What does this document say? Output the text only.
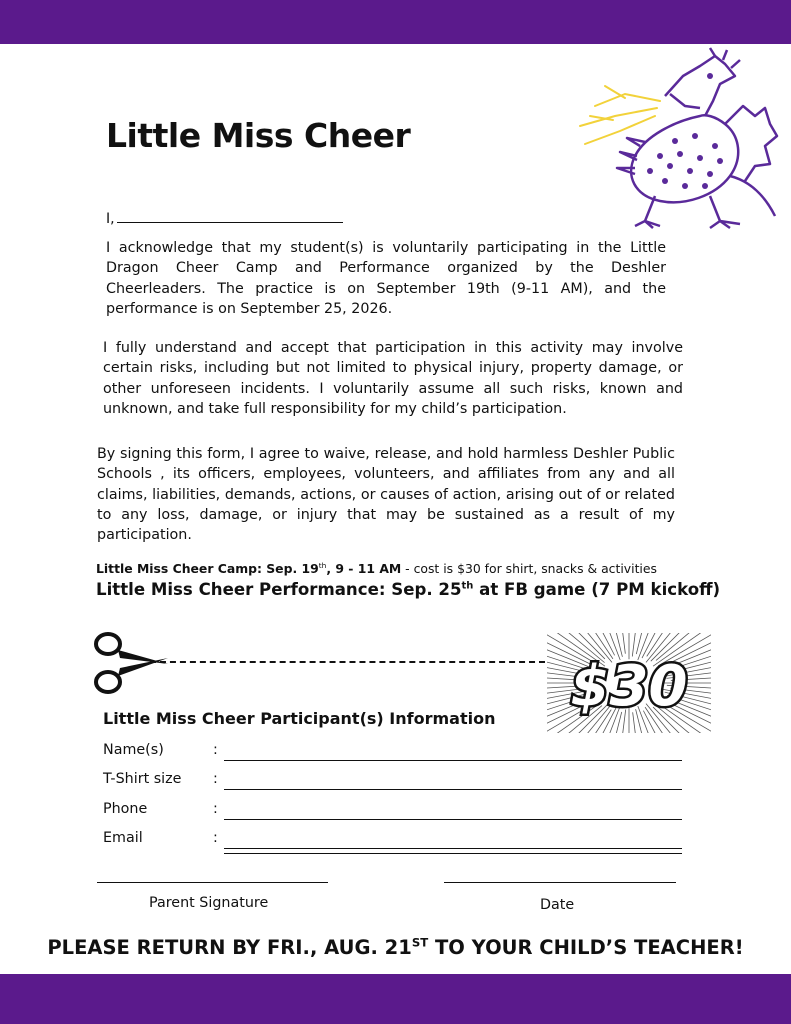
Little Miss Cheer
I,

I acknowledge that my student(s) is voluntarily participating in the Little Dragon Cheer Camp and Performance organized by the Deshler Cheerleaders. The practice is on September 19th (9-11 AM), and the performance is on September 25, 2026.

I fully understand and accept that participation in this activity may involve certain risks, including but not limited to physical injury, property damage, or other unforeseen incidents. I voluntarily assume all such risks, known and unknown, and take full responsibility for my child’s participation.

By signing this form, I agree to waive, release, and hold harmless Deshler Public Schools , its officers, employees, volunteers, and affiliates from any and all claims, liabilities, demands, actions, or causes of action, arising out of or related to any loss, damage, or injury that may be sustained as a result of my participation.

Little Miss Cheer Camp: Sep. 19th, 9 - 11 AM - cost is $30 for shirt, snacks & activities
Little Miss Cheer Performance: Sep. 25th at FB game (7 PM kickoff)
$30
Little Miss Cheer Participant(s) Information
Name(s)	:
T-Shirt size :
Phone	:
Email	:
Parent Signature	Date
PLEASE RETURN BY FRI., AUG. 21ST TO YOUR CHILD’S TEACHER!
